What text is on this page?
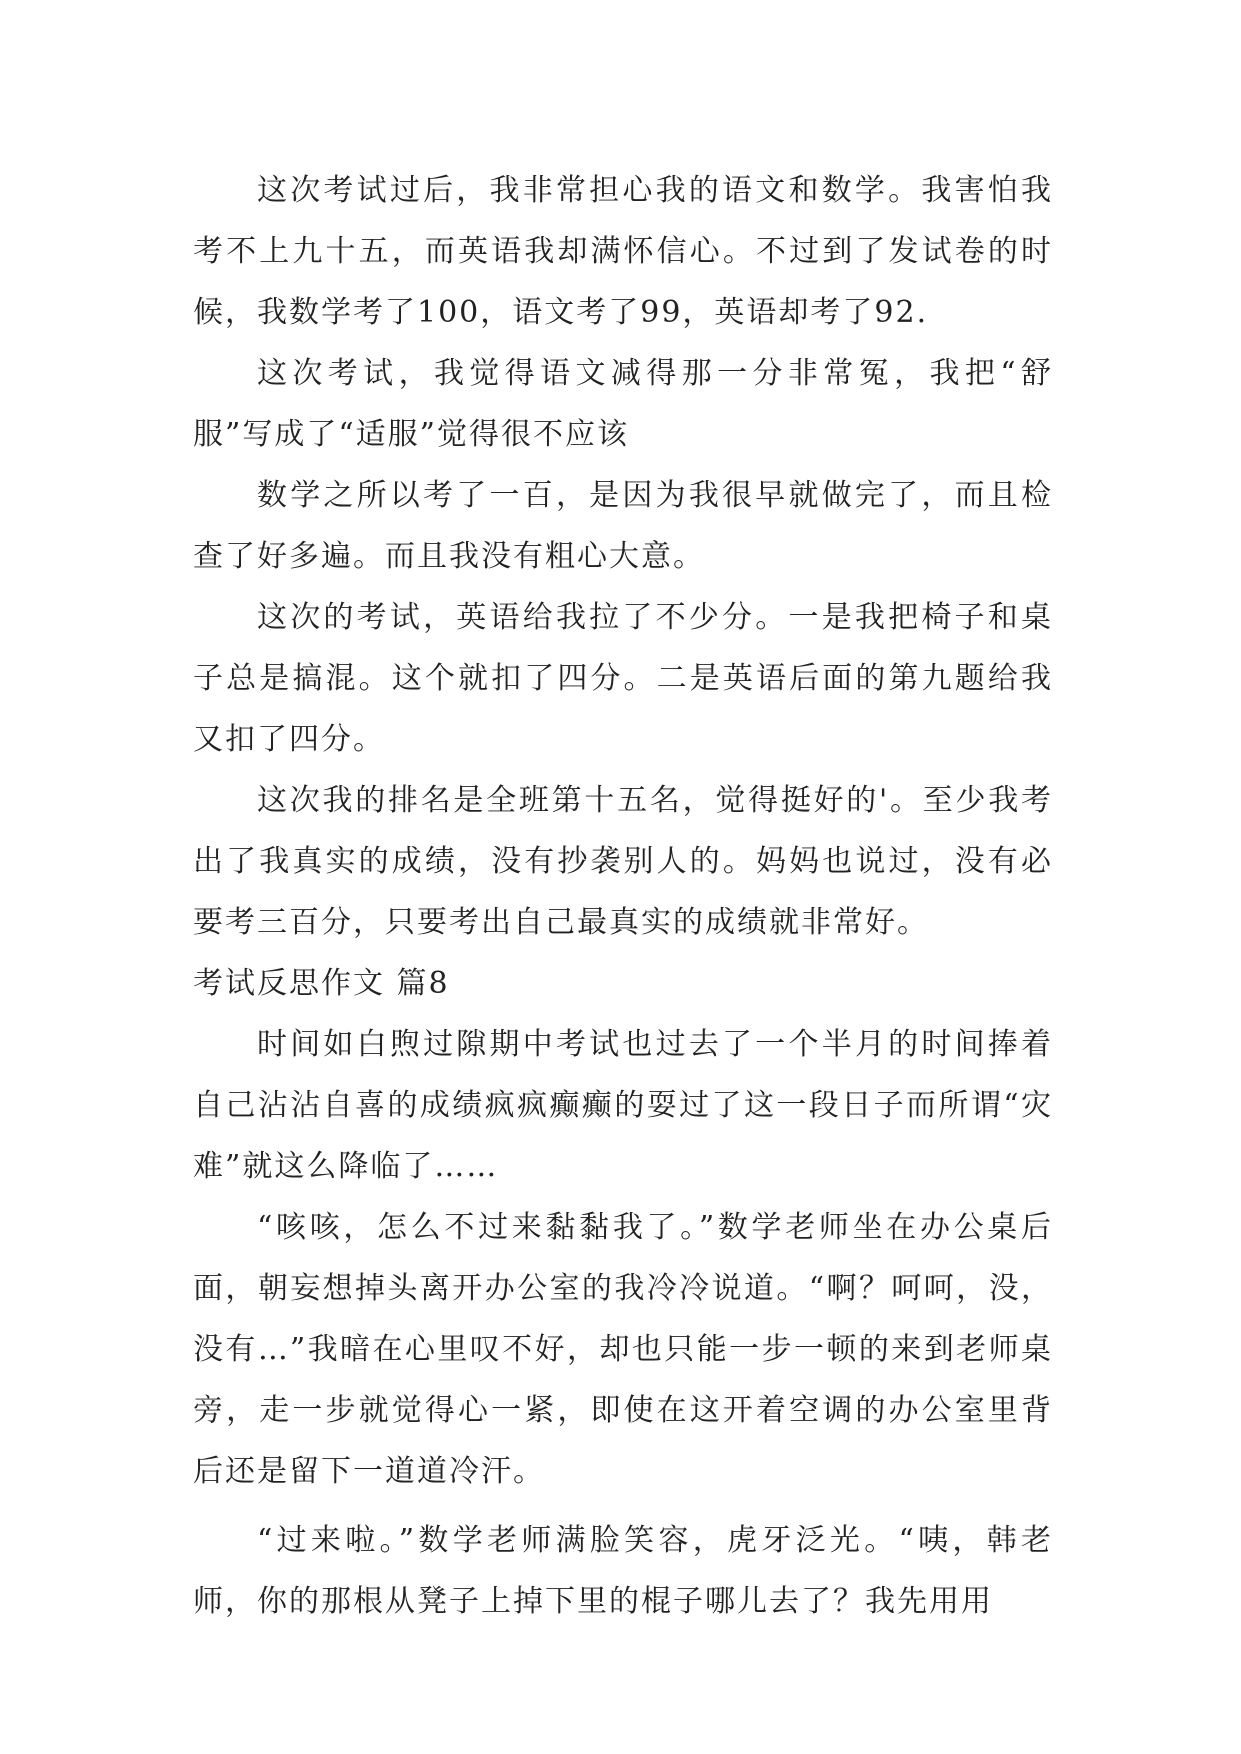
这次考试过后，我非常担心我的语文和数学。我害怕我考不上九十五，而英语我却满怀信心。不过到了发试卷的时候，我数学考了100，语文考了99，英语却考了92.

这次考试，我觉得语文减得那一分非常冤，我把“舒服”写成了“适服”觉得很不应该

数学之所以考了一百，是因为我很早就做完了，而且检查了好多遍。而且我没有粗心大意。

这次的考试，英语给我拉了不少分。一是我把椅子和桌子总是搞混。这个就扣了四分。二是英语后面的第九题给我又扣了四分。

这次我的排名是全班第十五名，觉得挺好的'。至少我考出了我真实的成绩，没有抄袭别人的。妈妈也说过，没有必要考三百分，只要考出自己最真实的成绩就非常好。

考试反思作文 篇8

时间如白煦过隙期中考试也过去了一个半月的时间捧着自己沾沾自喜的成绩疯疯癫癫的耍过了这一段日子而所谓“灾难”就这么降临了……

“咳咳，怎么不过来黏黏我了。”数学老师坐在办公桌后面，朝妄想掉头离开办公室的我冷冷说道。“啊？呵呵，没，没有…”我暗在心里叹不好，却也只能一步一顿的来到老师桌旁，走一步就觉得心一紧，即使在这开着空调的办公室里背后还是留下一道道冷汗。

“过来啦。”数学老师满脸笑容，虎牙泛光。“咦，韩老师，你的那根从凳子上掉下里的棍子哪儿去了？我先用用
